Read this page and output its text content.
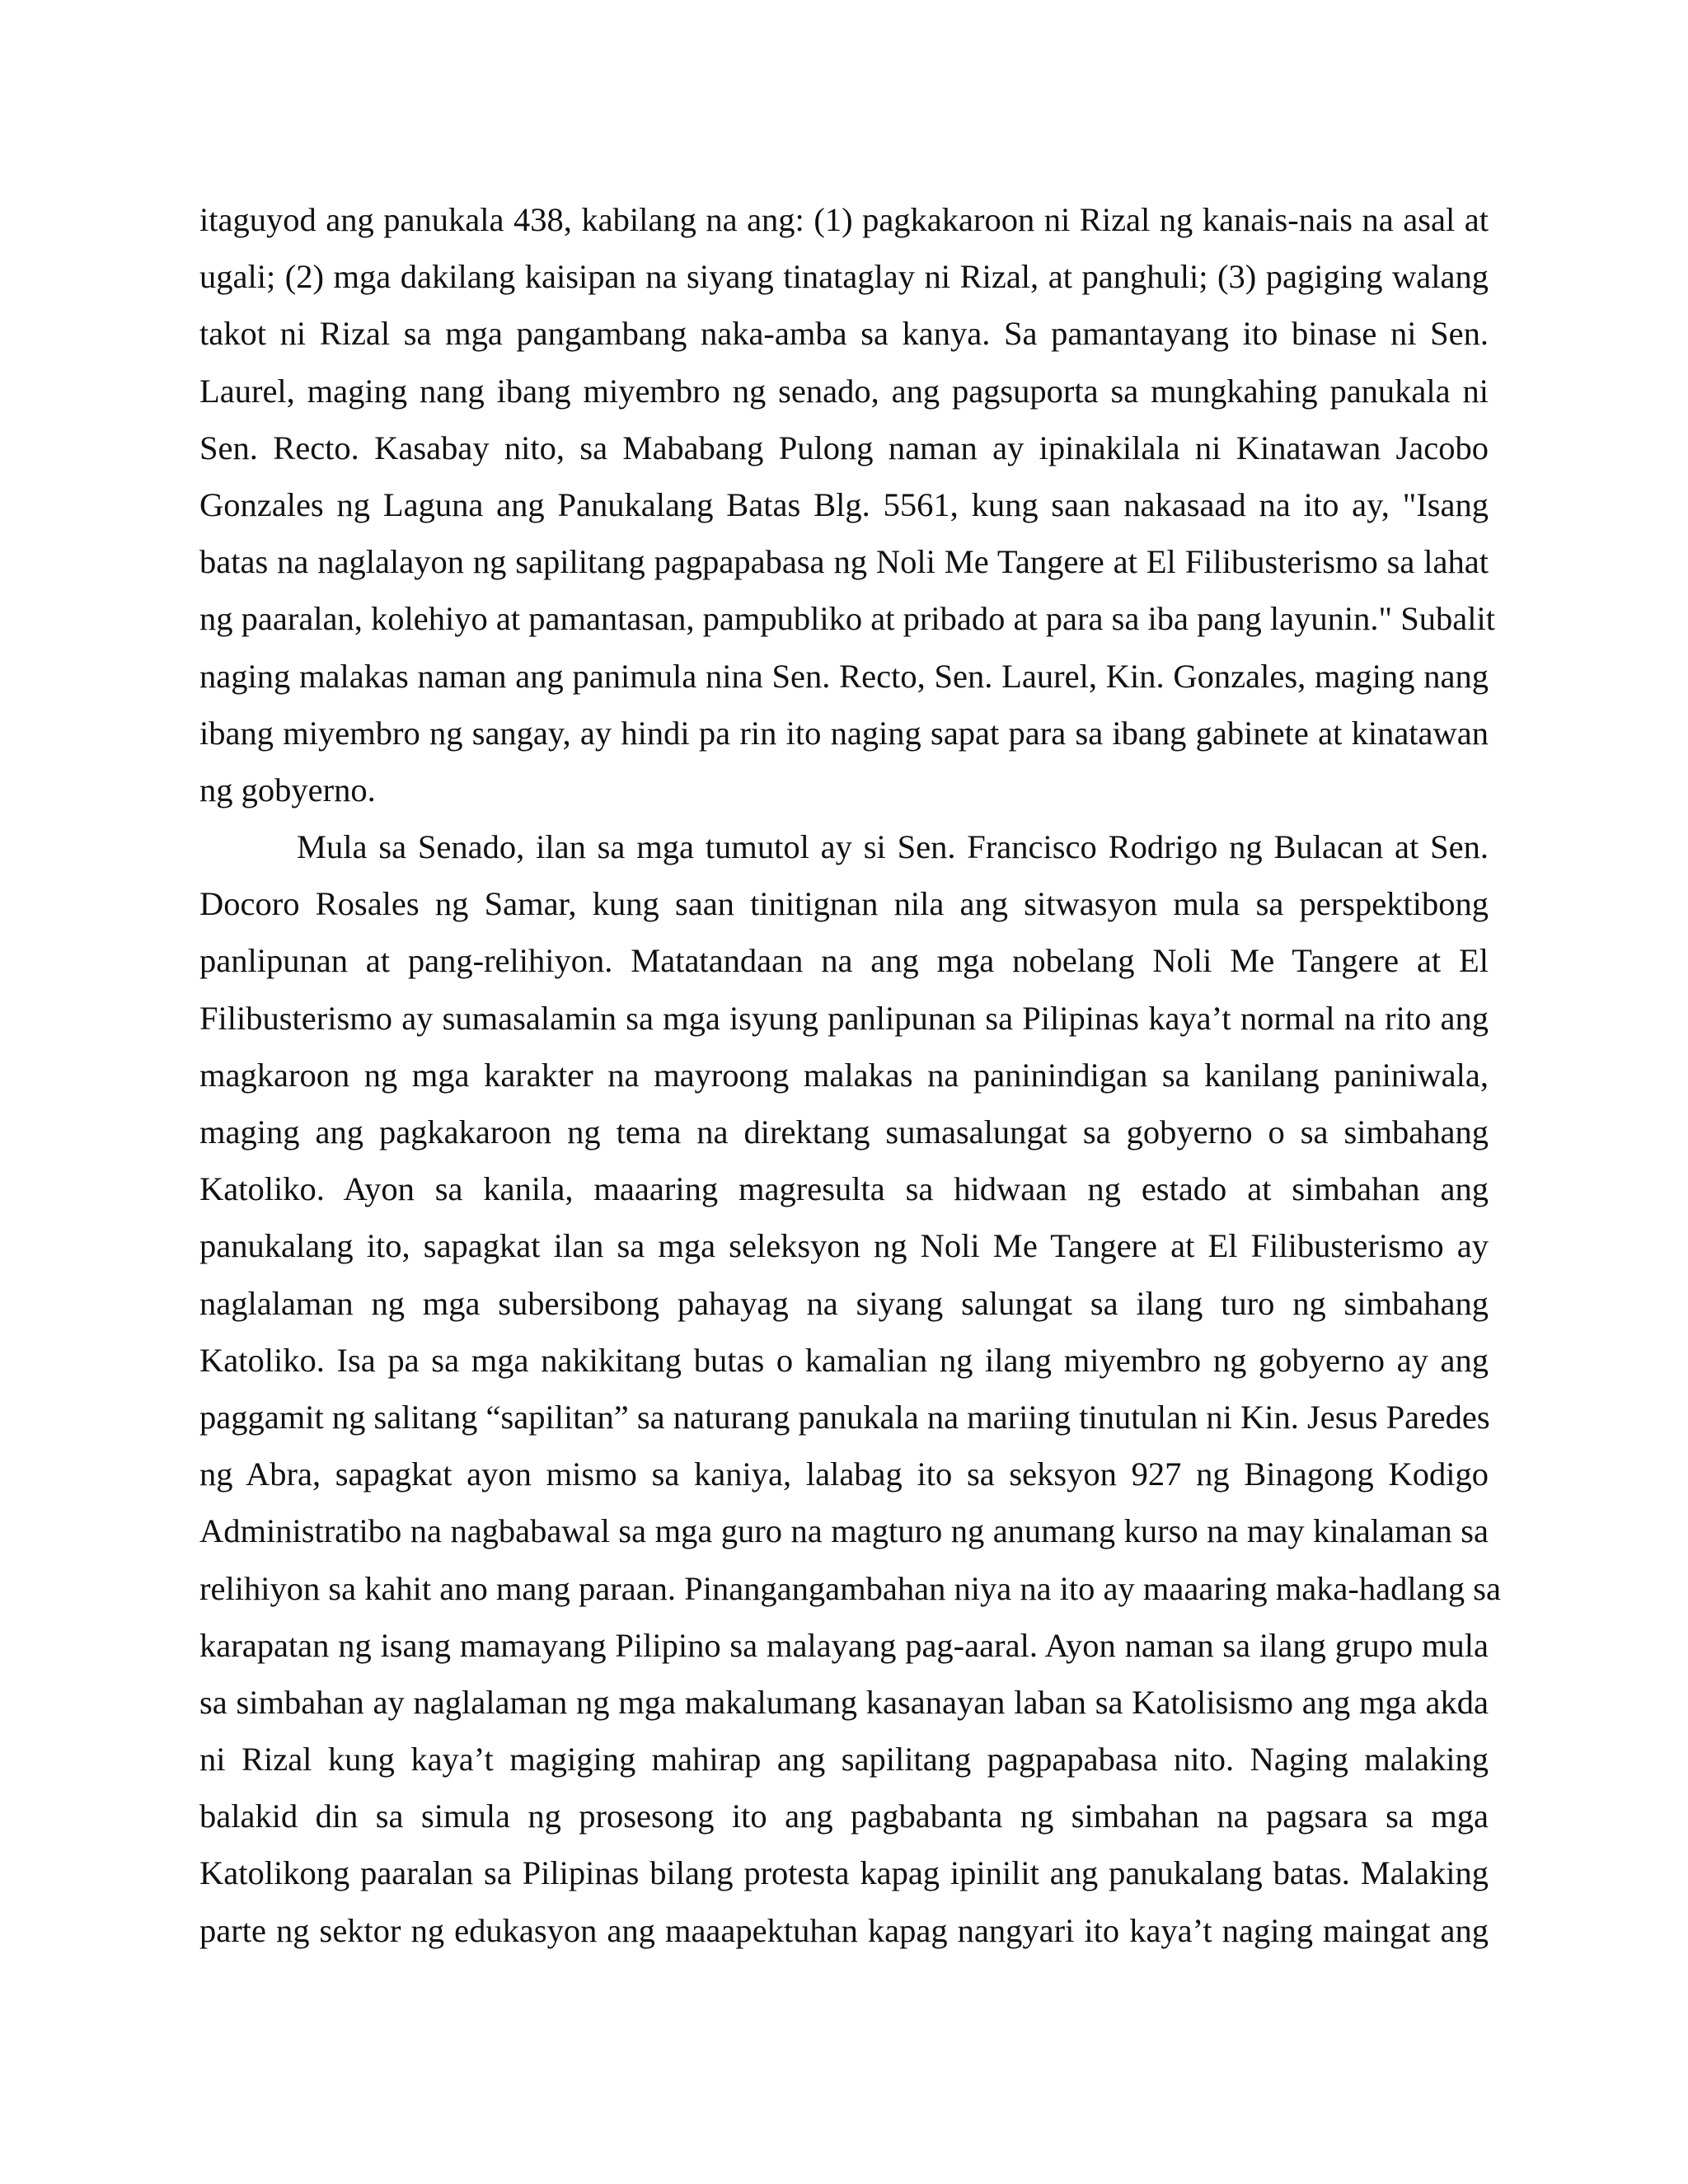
itaguyod ang panukala 438, kabilang na ang: (1) pagkakaroon ni Rizal ng kanais-nais na asal at
ugali; (2) mga dakilang kaisipan na siyang tinataglay ni Rizal, at panghuli; (3) pagiging walang
takot ni Rizal sa mga pangambang naka-amba sa kanya. Sa pamantayang ito binase ni Sen.
Laurel, maging nang ibang miyembro ng senado, ang pagsuporta sa mungkahing panukala ni
Sen. Recto. Kasabay nito, sa Mababang Pulong naman ay ipinakilala ni Kinatawan Jacobo
Gonzales ng Laguna ang Panukalang Batas Blg. 5561, kung saan nakasaad na ito ay, "Isang
batas na naglalayon ng sapilitang pagpapabasa ng Noli Me Tangere at El Filibusterismo sa lahat
ng paaralan, kolehiyo at pamantasan, pampubliko at pribado at para sa iba pang layunin." Subalit
naging malakas naman ang panimula nina Sen. Recto, Sen. Laurel, Kin. Gonzales, maging nang
ibang miyembro ng sangay, ay hindi pa rin ito naging sapat para sa ibang gabinete at kinatawan
ng gobyerno.
Mula sa Senado, ilan sa mga tumutol ay si Sen. Francisco Rodrigo ng Bulacan at Sen.
Docoro Rosales ng Samar, kung saan tinitignan nila ang sitwasyon mula sa perspektibong
panlipunan at pang-relihiyon. Matatandaan na ang mga nobelang Noli Me Tangere at El
Filibusterismo ay sumasalamin sa mga isyung panlipunan sa Pilipinas kaya’t normal na rito ang
magkaroon ng mga karakter na mayroong malakas na paninindigan sa kanilang paniniwala,
maging ang pagkakaroon ng tema na direktang sumasalungat sa gobyerno o sa simbahang
Katoliko. Ayon sa kanila, maaaring magresulta sa hidwaan ng estado at simbahan ang
panukalang ito, sapagkat ilan sa mga seleksyon ng Noli Me Tangere at El Filibusterismo ay
naglalaman ng mga subersibong pahayag na siyang salungat sa ilang turo ng simbahang
Katoliko. Isa pa sa mga nakikitang butas o kamalian ng ilang miyembro ng gobyerno ay ang
paggamit ng salitang “sapilitan” sa naturang panukala na mariing tinutulan ni Kin. Jesus Paredes
ng Abra, sapagkat ayon mismo sa kaniya, lalabag ito sa seksyon 927 ng Binagong Kodigo
Administratibo na nagbabawal sa mga guro na magturo ng anumang kurso na may kinalaman sa
relihiyon sa kahit ano mang paraan. Pinangangambahan niya na ito ay maaaring maka-hadlang sa
karapatan ng isang mamayang Pilipino sa malayang pag-aaral. Ayon naman sa ilang grupo mula
sa simbahan ay naglalaman ng mga makalumang kasanayan laban sa Katolisismo ang mga akda
ni Rizal kung kaya’t magiging mahirap ang sapilitang pagpapabasa nito. Naging malaking
balakid din sa simula ng prosesong ito ang pagbabanta ng simbahan na pagsara sa mga
Katolikong paaralan sa Pilipinas bilang protesta kapag ipinilit ang panukalang batas. Malaking
parte ng sektor ng edukasyon ang maaapektuhan kapag nangyari ito kaya’t naging maingat ang
